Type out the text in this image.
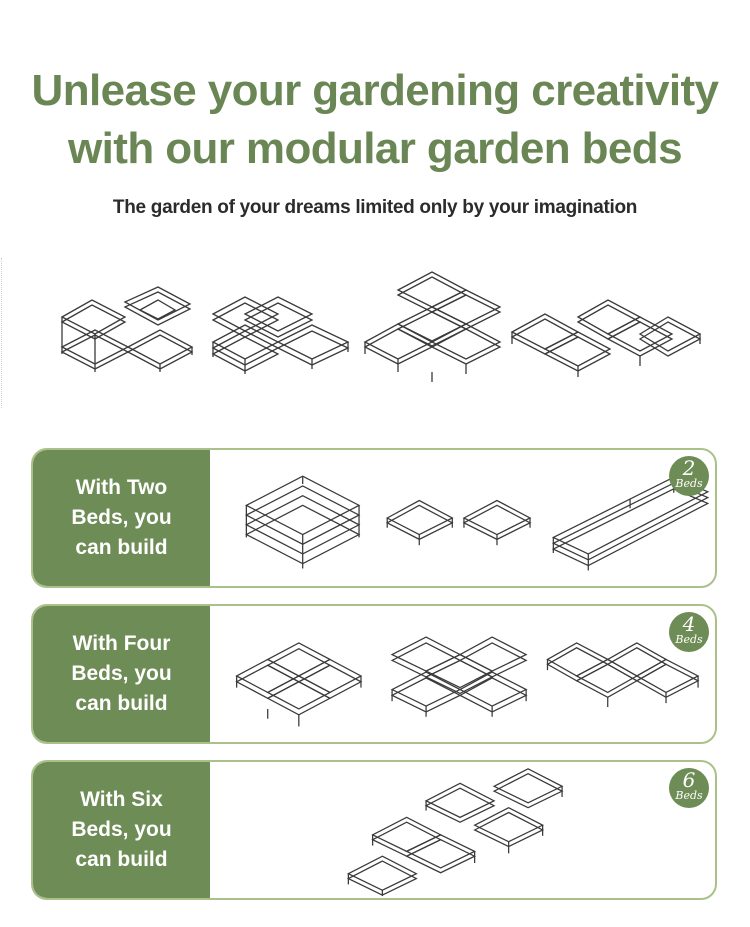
Unlease your gardening creativity
with our modular garden beds
The garden of your dreams limited only by your imagination
With Two
Beds, you
can build
2
Beds
With Four
Beds, you
can build
4
Beds
With Six
Beds, you
can build
6
Beds
